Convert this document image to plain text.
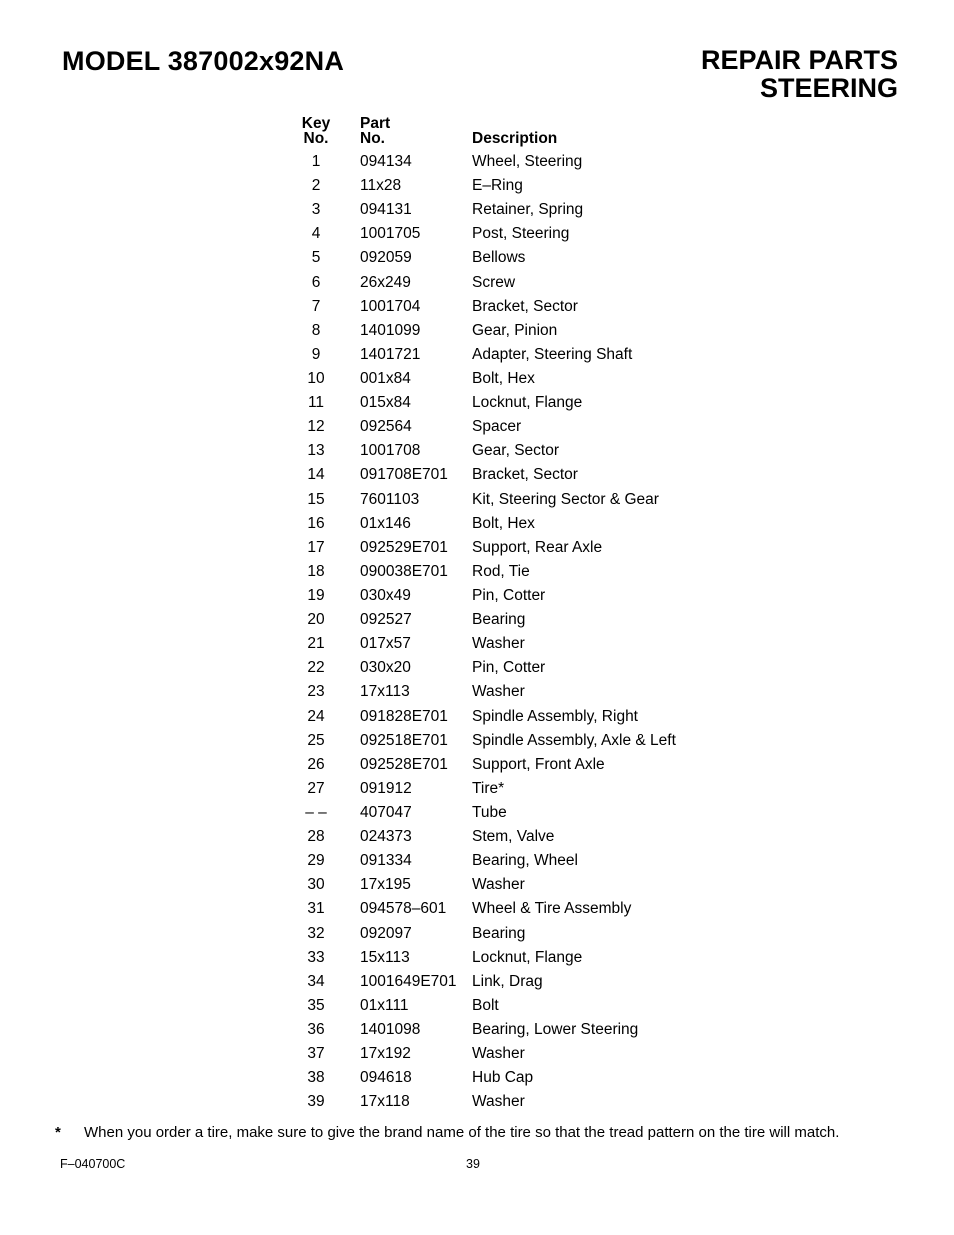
MODEL 387002x92NA	REPAIR PARTS
STEERING
Key
No.
Part
No.	Description
1	094134	Wheel, Steering
2	11x28	E–Ring
3	094131	Retainer, Spring
4	1001705	Post, Steering
5	092059	Bellows
6	26x249	Screw
7	1001704	Bracket, Sector
8	1401099	Gear, Pinion
9	1401721	Adapter, Steering Shaft
10	001x84	Bolt, Hex
11	015x84	Locknut, Flange
12	092564	Spacer
13	1001708	Gear, Sector
14	091708E701 Bracket, Sector
15	7601103	Kit, Steering Sector & Gear
16	01x146	Bolt, Hex
17	092529E701 Support, Rear Axle
18	090038E701 Rod, Tie
19	030x49	Pin, Cotter
20	092527	Bearing
21	017x57	Washer
22	030x20	Pin, Cotter
23	17x113	Washer
24	091828E701 Spindle Assembly, Right
25	092518E701 Spindle Assembly, Axle & Left
26	092528E701 Support, Front Axle
27	091912	Tire*
– –	407047	Tube
28	024373	Stem, Valve
29	091334	Bearing, Wheel
30	17x195	Washer
31	094578–601 Wheel & Tire Assembly
32	092097	Bearing
33	15x113	Locknut, Flange
34	1001649E701 Link, Drag
35	01x111	Bolt
36	1401098	Bearing, Lower Steering
37	17x192	Washer
38	094618	Hub Cap
39	17x118	Washer
* When you order a tire, make sure to give the brand name of the tire so that the tread pattern on the tire will match.
F–040700C	39
